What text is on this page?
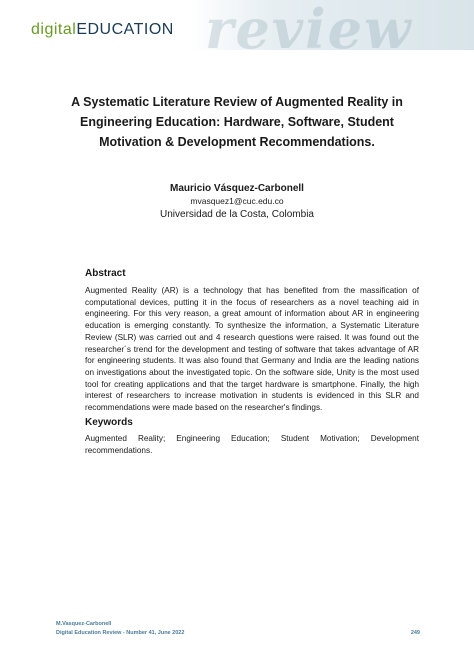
review
digitalEDUCATION
A Systematic Literature Review of Augmented Reality in Engineering Education: Hardware, Software, Student Motivation & Development Recommendations.
Mauricio Vásquez-Carbonell
mvasquez1@cuc.edu.co
Universidad de la Costa, Colombia
Abstract

Augmented Reality (AR) is a technology that has benefited from the massification of computational devices, putting it in the focus of researchers as a novel teaching aid in engineering. For this very reason, a great amount of information about AR in engineering education is emerging constantly. To synthesize the information, a Systematic Literature Review (SLR) was carried out and 4 research questions were raised. It was found out the researcher´s trend for the development and testing of software that takes advantage of AR for engineering students. It was also found that Germany and India are the leading nations on investigations about the investigated topic. On the software side, Unity is the most used tool for creating applications and that the target hardware is smartphone. Finally, the high interest of researchers to increase motivation in students is evidenced in this SLR and recommendations were made based on the researcher's findings.

Keywords

Augmented Reality; Engineering Education; Student Motivation; Development recommendations.

M.Vasquez-Carbonell
Digital Education Review - Number 41, June 2022	249
